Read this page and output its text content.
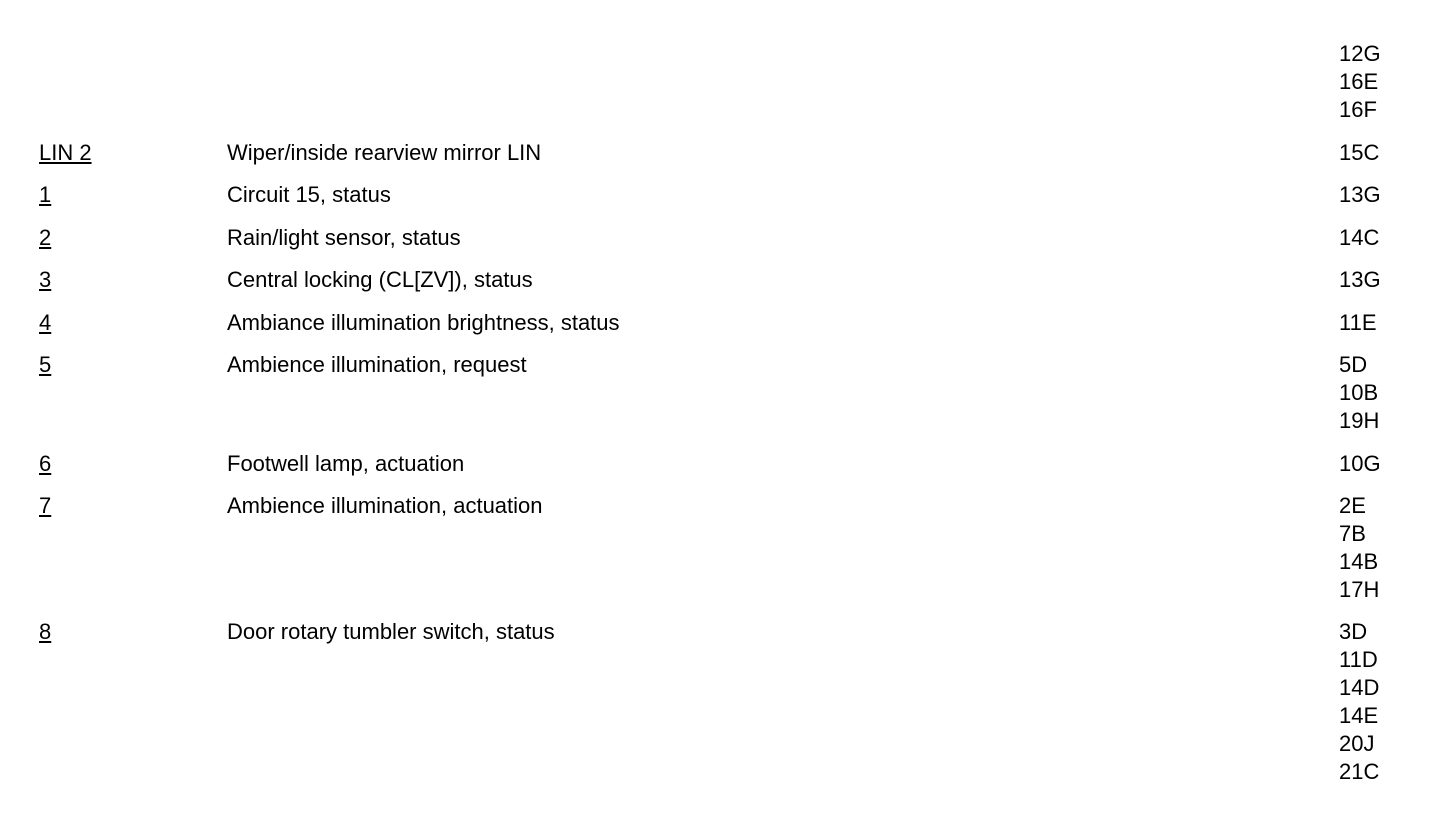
12G
16E
16F
LIN 2	Wiper/inside rearview mirror LIN	15C
1	Circuit 15, status	13G
2	Rain/light sensor, status	14C
3	Central locking (CL[ZV]), status	13G
4	Ambiance illumination brightness, status	11E
5	Ambience illumination, request	5D
10B
19H
6	Footwell lamp, actuation	10G
7	Ambience illumination, actuation	2E
7B
14B
17H
8	Door rotary tumbler switch, status	3D
11D
14D
14E
20J
21C
